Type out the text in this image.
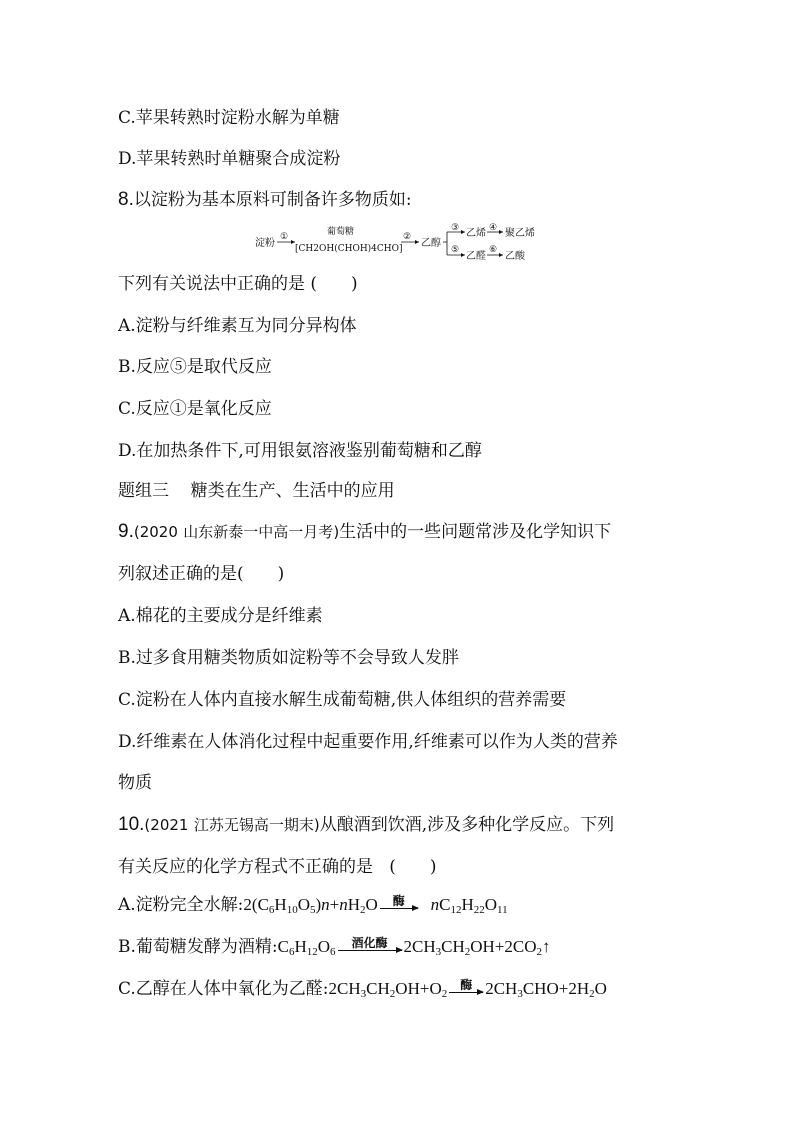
C.苹果转熟时淀粉水解为单糖
D.苹果转熟时单糖聚合成淀粉
8.以淀粉为基本原料可制备许多物质如:
淀粉
①	葡萄糖
[CH2OH(CHOH)4CHO]
②
乙醇
③ 乙烯 ④ 聚乙烯
⑤
乙醛
⑥
乙酸
下列有关说法中正确的是 ( )
A.淀粉与纤维素互为同分异构体
B.反应⑤是取代反应
C.反应①是氧化反应
D.在加热条件下,可用银氨溶液鉴别葡萄糖和乙醇
题组三 糖类在生产、生活中的应用
9.(2020 山东新泰一中高一月考)生活中的一些问题常涉及化学知识下
列叙述正确的是( )
A.棉花的主要成分是纤维素
B.过多食用糖类物质如淀粉等不会导致人发胖
C.淀粉在人体内直接水解生成葡萄糖,供人体组织的营养需要
D.纤维素在人体消化过程中起重要作用,纤维素可以作为人类的营养
物质
10.(2021 江苏无锡高一期末)从酿酒到饮酒,涉及多种化学反应。下列
有关反应的化学方程式不正确的是 ( )
A.淀粉完全水解$:2(C_6H_{10}O_5)n+nH_2O$	酶	$nC_{12}H_{22}O_{11}$
B.葡萄糖发酵为酒精$:C_6H_{12}O_6$
酒化酶 $2CH_3CH_2OH+2CO_2↑$
C.乙醇在人体中氧化为乙醛$:2CH_3CH_2OH+O_2$
酶 $2CH_3CHO+2H_2O$
